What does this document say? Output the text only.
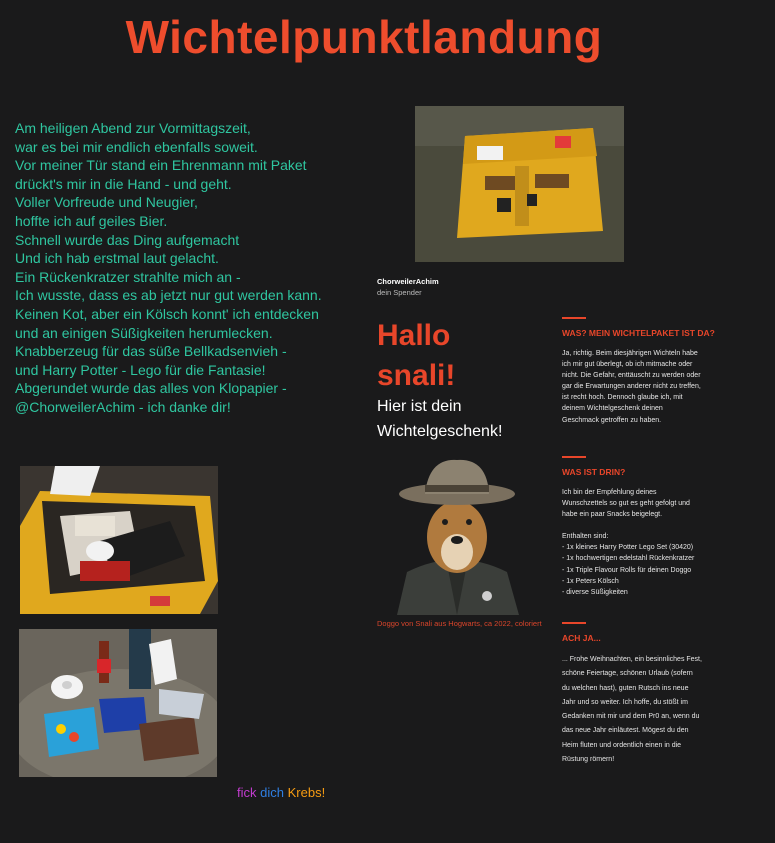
Wichtelpunktlandung
Am heiligen Abend zur Vormittagszeit,
war es bei mir endlich ebenfalls soweit.
Vor meiner Tür stand ein Ehrenmann mit Paket
drückt's mir in die Hand - und geht.
Voller Vorfreude und Neugier,
hoffte ich auf geiles Bier.
Schnell wurde das Ding aufgemacht
Und ich hab erstmal laut gelacht.
Ein Rückenkratzer strahlte mich an -
Ich wusste, dass es ab jetzt nur gut werden kann.
Keinen Kot, aber ein Kölsch konnt' ich entdecken
und an einigen Süßigkeiten herumlecken.
Knabberzeug für das süße Bellkadsenvieh -
und Harry Potter - Lego für die Fantasie!
Abgerundet wurde das alles von Klopapier -
@ChorweilerAchim - ich danke dir!
ChorweilerAchim
dein Spender
Hallo
snali!
Hier ist dein
Wichtelgeschenk!
Doggo von Snali aus Hogwarts, ca 2022, coloriert
WAS? MEIN WICHTELPAKET IST DA?
Ja, richtig. Beim diesjährigen Wichteln habe
ich mir gut überlegt, ob ich mitmache oder
nicht. Die Gefahr, enttäuscht zu werden oder
gar die Erwartungen anderer nicht zu treffen,
ist recht hoch. Dennoch glaube ich, mit
deinem Wichtelgeschenk deinen
Geschmack getroffen zu haben.
WAS IST DRIN?
Ich bin der Empfehlung deines
Wunschzettels so gut es geht gefolgt und
habe ein paar Snacks beigelegt.
Enthalten sind:
- 1x kleines Harry Potter Lego Set (30420)
- 1x hochwertigen edelstahl Rückenkratzer
- 1x Triple Flavour Rolls für deinen Doggo
- 1x Peters Kölsch
- diverse Süßigkeiten
ACH JA...
... Frohe Weihnachten, ein besinnliches Fest,
schöne Feiertage, schönen Urlaub (sofern
du welchen hast), guten Rutsch ins neue
Jahr und so weiter. Ich hoffe, du stößt im
Gedanken mit mir und dem Pr0 an, wenn du
das neue Jahr einläutest. Mögest du den
Heim fluten und ordentlich einen in die
Rüstung römern!
fick dich Krebs!
